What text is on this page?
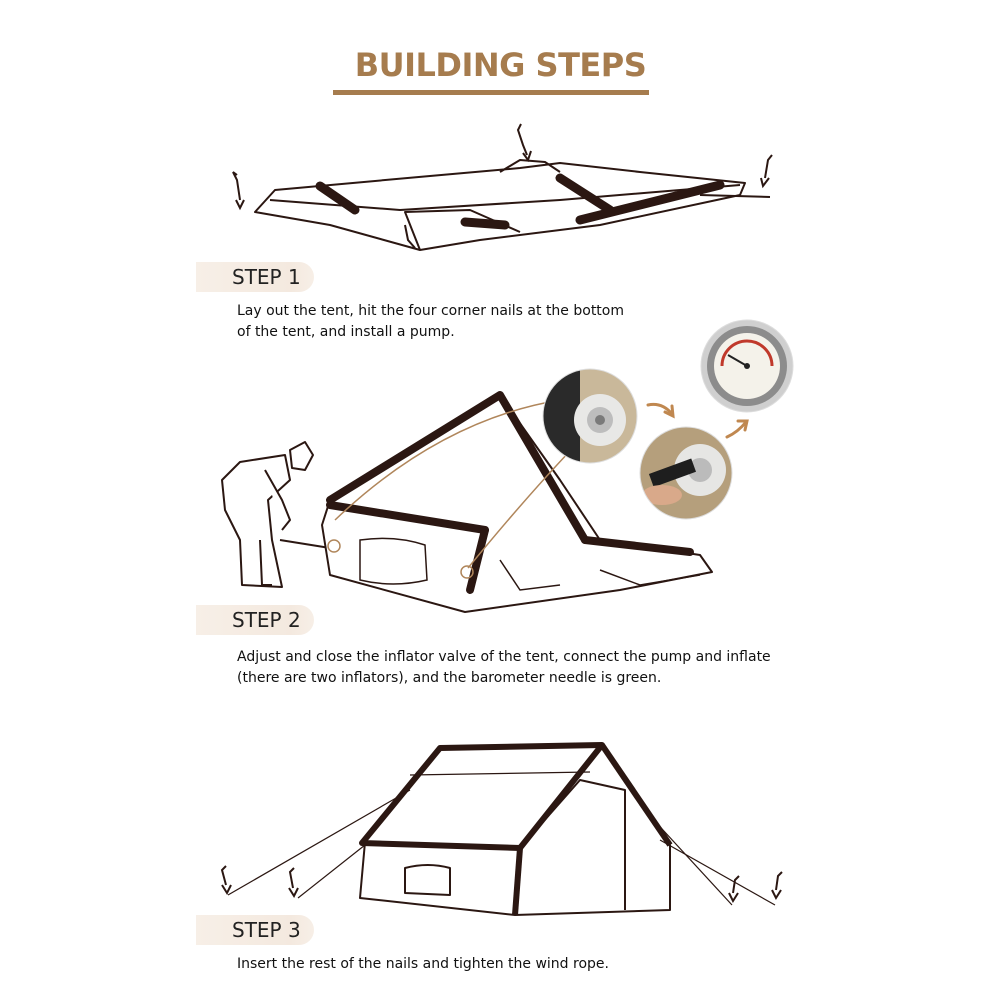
BUILDING STEPS
STEP 1
Lay out the tent, hit the four corner nails at the bottom of the tent, and install a pump.
STEP 2
Adjust and close the inflator valve of the tent, connect the pump and inflate (there are two inflators), and the barometer needle is green.
STEP 3
Insert the rest of the nails and tighten the wind rope.
